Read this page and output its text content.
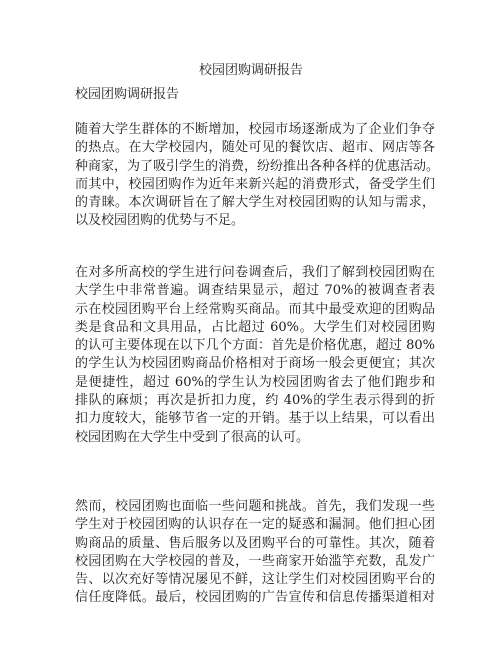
校园团购调研报告
校园团购调研报告
随着大学生群体的不断增加，校园市场逐渐成为了企业们争夺
的热点。在大学校园内，随处可见的餐饮店、超市、网店等各
种商家，为了吸引学生的消费，纷纷推出各种各样的优惠活动。
而其中，校园团购作为近年来新兴起的消费形式，备受学生们
的青睐。本次调研旨在了解大学生对校园团购的认知与需求，
以及校园团购的优势与不足。
在对多所高校的学生进行问卷调查后，我们了解到校园团购在
大学生中非常普遍。调查结果显示，超过 70%的被调查者表
示在校园团购平台上经常购买商品。而其中最受欢迎的团购品
类是食品和文具用品，占比超过 60%。大学生们对校园团购
的认可主要体现在以下几个方面：首先是价格优惠，超过 80%
的学生认为校园团购商品价格相对于商场一般会更便宜；其次
是便捷性，超过 60%的学生认为校园团购省去了他们跑步和
排队的麻烦；再次是折扣力度，约 40%的学生表示得到的折
扣力度较大，能够节省一定的开销。基于以上结果，可以看出
校园团购在大学生中受到了很高的认可。
然而，校园团购也面临一些问题和挑战。首先，我们发现一些
学生对于校园团购的认识存在一定的疑惑和漏洞。他们担心团
购商品的质量、售后服务以及团购平台的可靠性。其次，随着
校园团购在大学校园的普及，一些商家开始滥竽充数，乱发广
告、以次充好等情况屡见不鲜，这让学生们对校园团购平台的
信任度降低。最后，校园团购的广告宣传和信息传播渠道相对
